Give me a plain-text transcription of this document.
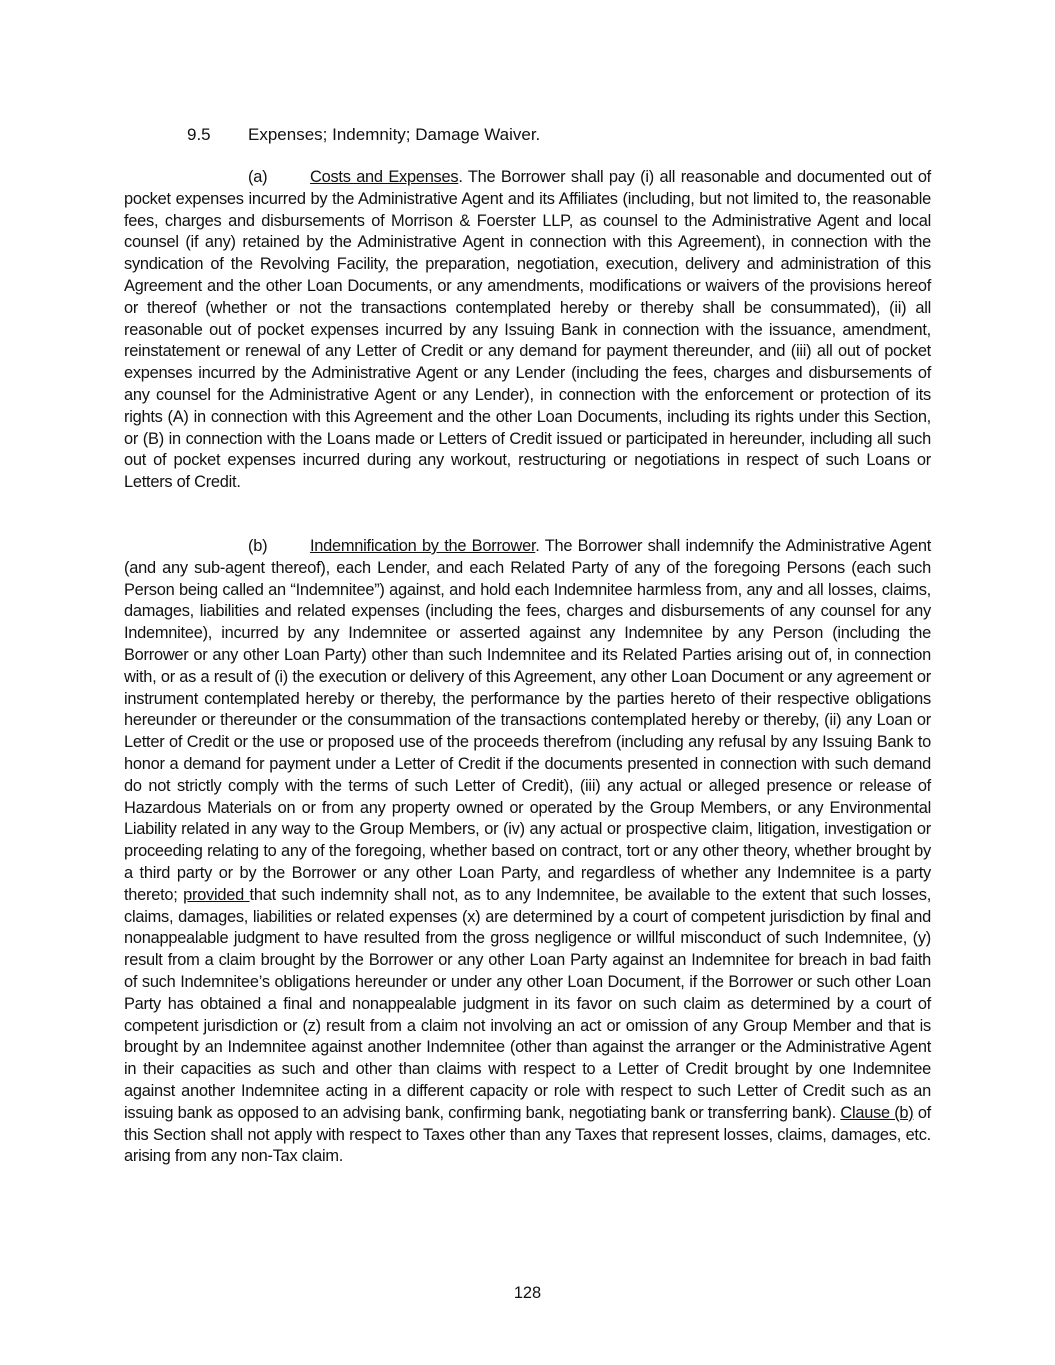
9.5 Expenses; Indemnity; Damage Waiver.

(a)	Costs and Expenses. The Borrower shall pay (i) all reasonable and documented out of pocket expenses incurred by the Administrative Agent and its Affiliates (including, but not limited to, the reasonable fees, charges and disbursements of Morrison & Foerster LLP, as counsel to the Administrative Agent and local counsel (if any) retained by the Administrative Agent in connection with this Agreement), in connection with the syndication of the Revolving Facility, the preparation, negotiation, execution, delivery and administration of this Agreement and the other Loan Documents, or any amendments, modifications or waivers of the provisions hereof or thereof (whether or not the transactions contemplated hereby or thereby shall be consummated), (ii) all reasonable out of pocket expenses incurred by any Issuing Bank in connection with the issuance, amendment, reinstatement or renewal of any Letter of Credit or any demand for payment thereunder, and (iii) all out of pocket expenses incurred by the Administrative Agent or any Lender (including the fees, charges and disbursements of any counsel for the Administrative Agent or any Lender), in connection with the enforcement or protection of its rights (A) in connection with this Agreement and the other Loan Documents, including its rights under this Section, or (B) in connection with the Loans made or Letters of Credit issued or participated in hereunder, including all such out of pocket expenses incurred during any workout, restructuring or negotiations in respect of such Loans or Letters of Credit.

(b)	Indemnification by the Borrower. The Borrower shall indemnify the Administrative Agent (and any sub-agent thereof), each Lender, and each Related Party of any of the foregoing Persons (each such Person being called an “Indemnitee”) against, and hold each Indemnitee harmless from, any and all losses, claims, damages, liabilities and related expenses (including the fees, charges and disbursements of any counsel for any Indemnitee), incurred by any Indemnitee or asserted against any Indemnitee by any Person (including the Borrower or any other Loan Party) other than such Indemnitee and its Related Parties arising out of, in connection with, or as a result of (i) the execution or delivery of this Agreement, any other Loan Document or any agreement or instrument contemplated hereby or thereby, the performance by the parties hereto of their respective obligations hereunder or thereunder or the consummation of the transactions contemplated hereby or thereby, (ii) any Loan or Letter of Credit or the use or proposed use of the proceeds therefrom (including any refusal by any Issuing Bank to honor a demand for payment under a Letter of Credit if the documents presented in connection with such demand do not strictly comply with the terms of such Letter of Credit), (iii) any actual or alleged presence or release of Hazardous Materials on or from any property owned or operated by the Group Members, or any Environmental Liability related in any way to the Group Members, or (iv) any actual or prospective claim, litigation, investigation or proceeding relating to any of the foregoing, whether based on contract, tort or any other theory, whether brought by a third party or by the Borrower or any other Loan Party, and regardless of whether any Indemnitee is a party thereto; provided that such indemnity shall not, as to any Indemnitee, be available to the extent that such losses, claims, damages, liabilities or related expenses (x) are determined by a court of competent jurisdiction by final and nonappealable judgment to have resulted from the gross negligence or willful misconduct of such Indemnitee, (y) result from a claim brought by the Borrower or any other Loan Party against an Indemnitee for breach in bad faith of such Indemnitee’s obligations hereunder or under any other Loan Document, if the Borrower or such other Loan Party has obtained a final and nonappealable judgment in its favor on such claim as determined by a court of competent jurisdiction or (z) result from a claim not involving an act or omission of any Group Member and that is brought by an Indemnitee against another Indemnitee (other than against the arranger or the Administrative Agent in their capacities as such and other than claims with respect to a Letter of Credit brought by one Indemnitee against another Indemnitee acting in a different capacity or role with respect to such Letter of Credit such as an issuing bank as opposed to an advising bank, confirming bank, negotiating bank or transferring bank). Clause (b) of this Section shall not apply with respect to Taxes other than any Taxes that represent losses, claims, damages, etc. arising from any non-Tax claim.

128
